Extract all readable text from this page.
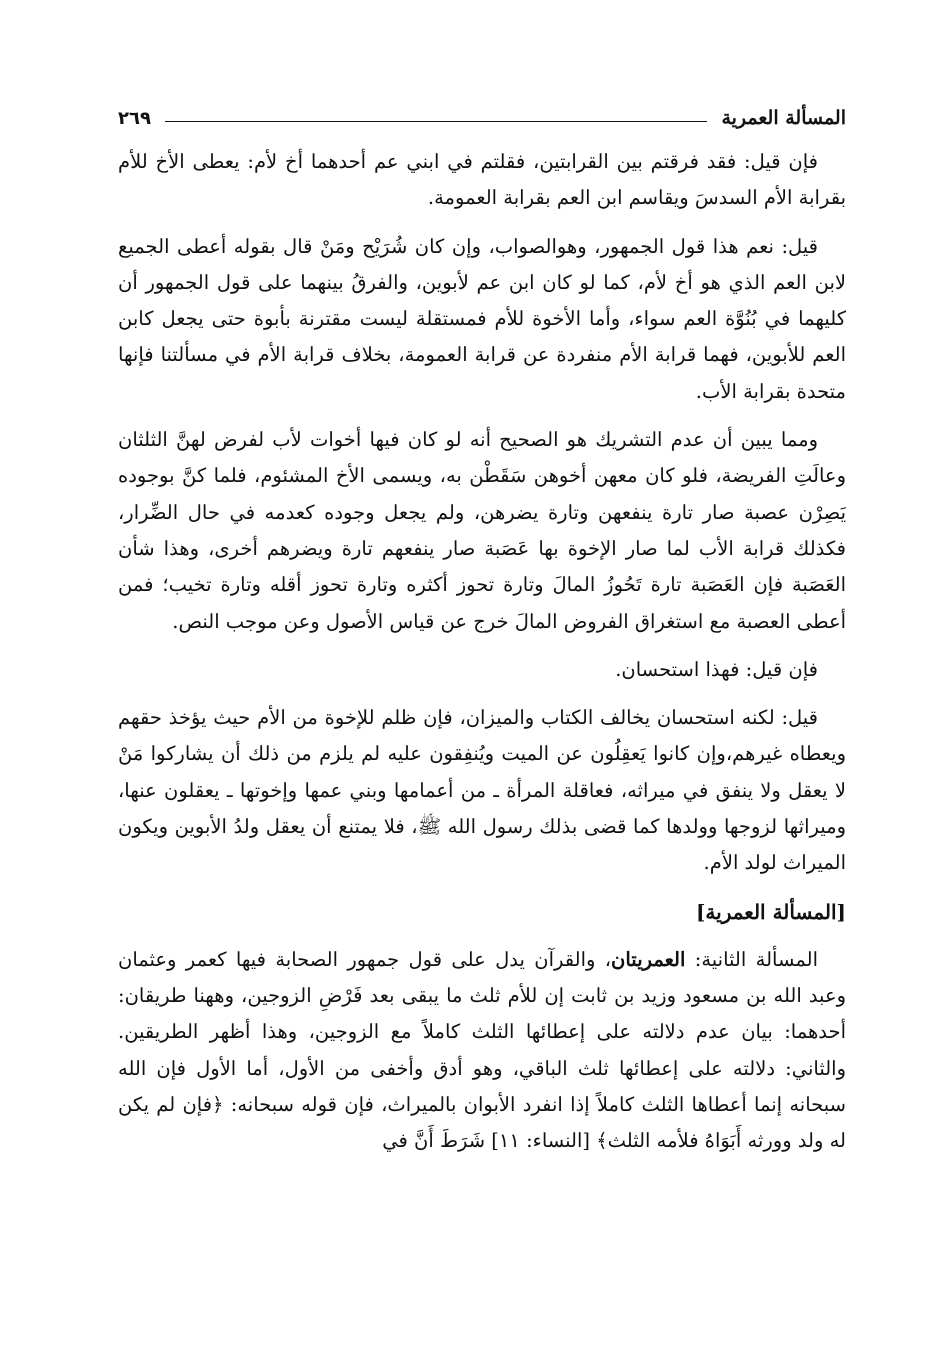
المسألة العمرية
٢٦٩

فإن قيل: فقد فرقتم بين القرابتين، فقلتم في ابني عم أحدهما أخ لأم: يعطى الأخ للأم بقرابة الأم السدسَ ويقاسم ابن العم بقرابة العمومة.

قيل: نعم هذا قول الجمهور، وهوالصواب، وإن كان شُرَيْح ومَنْ قال بقوله أعطى الجميع لابن العم الذي هو أخ لأم، كما لو كان ابن عم لأبوين، والفرقُ بينهما على قول الجمهور أن كليهما في بُنُوَّة العم سواء، وأما الأخوة للأم فمستقلة ليست مقترنة بأبوة حتى يجعل كابن العم للأبوين، فهما قرابة الأم منفردة عن قرابة العمومة، بخلاف قرابة الأم في مسألتنا فإنها متحدة بقرابة الأب.

ومما يبين أن عدم التشريك هو الصحيح أنه لو كان فيها أخوات لأب لفرض لهنَّ الثلثان وعالَتِ الفريضة، فلو كان معهن أخوهن سَقَطْن به، ويسمى الأخ المشئوم، فلما كنَّ بوجوده يَصِرْن عصبة صار تارة ينفعهن وتارة يضرهن، ولم يجعل وجوده كعدمه في حال الضِّرار، فكذلك قرابة الأب لما صار الإخوة بها عَصَبة صار ينفعهم تارة ويضرهم أخرى، وهذا شأن العَصَبة فإن العَصَبة تارة تَحُوزُ المالَ وتارة تحوز أكثره وتارة تحوز أقله وتارة تخيب؛ فمن أعطى العصبة مع استغراق الفروض المالَ خرج عن قياس الأصول وعن موجب النص.

فإن قيل: فهذا استحسان.

قيل: لكنه استحسان يخالف الكتاب والميزان، فإن ظلم للإخوة من الأم حيث يؤخذ حقهم ويعطاه غيرهم،وإن كانوا يَعقِلُون عن الميت ويُنفِقون عليه لم يلزم من ذلك أن يشاركوا مَنْ لا يعقل ولا ينفق في ميراثه، فعاقلة المرأة ـ من أعمامها وبني عمها وإخوتها ـ يعقلون عنها، وميراثها لزوجها وولدها كما قضى بذلك رسول الله ﷺ، فلا يمتنع أن يعقل ولدُ الأبوين ويكون الميراث لولد الأم.

[المسألة العمرية]

المسألة الثانية: العمريتان، والقرآن يدل على قول جمهور الصحابة فيها كعمر وعثمان وعبد الله بن مسعود وزيد بن ثابت إن للأم ثلث ما يبقى بعد فَرْضِ الزوجين، وههنا طريقان: أحدهما: بيان عدم دلالته على إعطائها الثلث كاملاً مع الزوجين، وهذا أظهر الطريقين. والثاني: دلالته على إعطائها ثلث الباقي، وهو أدق وأخفى من الأول، أما الأول فإن الله سبحانه إنما أعطاها الثلث كاملاً إذا انفرد الأبوان بالميراث، فإن قوله سبحانه: ﴿فإن لم يكن له ولد وورثه أَبَوَاهُ فلأمه الثلث﴾ [النساء: ١١] شَرَطَ أَنَّ في
